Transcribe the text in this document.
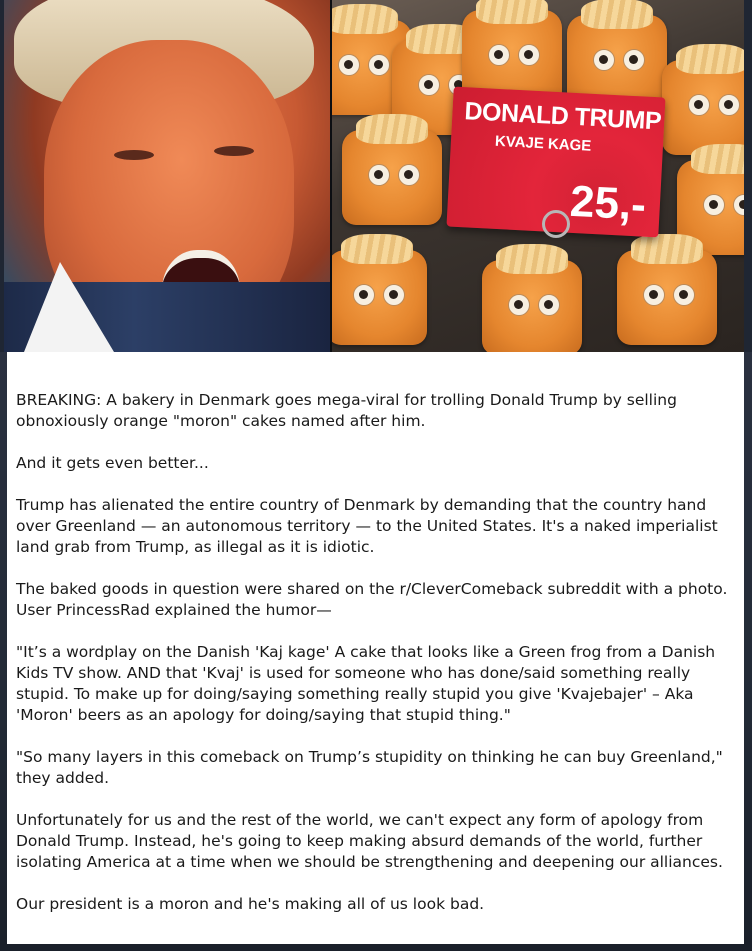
DONALD TRUMP
KVAJE KAGE
25,-

BREAKING: A bakery in Denmark goes mega-viral for trolling Donald Trump by selling obnoxiously orange "moron" cakes named after him.

And it gets even better...

Trump has alienated the entire country of Denmark by demanding that the country hand over Greenland — an autonomous territory — to the United States. It's a naked imperialist land grab from Trump, as illegal as it is idiotic.

The baked goods in question were shared on the r/CleverComeback subreddit with a photo. User PrincessRad explained the humor—

"It’s a wordplay on the Danish 'Kaj kage' A cake that looks like a Green frog from a Danish Kids TV show. AND that 'Kvaj' is used for someone who has done/said something really stupid. To make up for doing/saying something really stupid you give 'Kvajebajer' – Aka 'Moron' beers as an apology for doing/saying that stupid thing."

"So many layers in this comeback on Trump’s stupidity on thinking he can buy Greenland," they added.

Unfortunately for us and the rest of the world, we can't expect any form of apology from Donald Trump. Instead, he's going to keep making absurd demands of the world, further isolating America at a time when we should be strengthening and deepening our alliances.

Our president is a moron and he's making all of us look bad.
